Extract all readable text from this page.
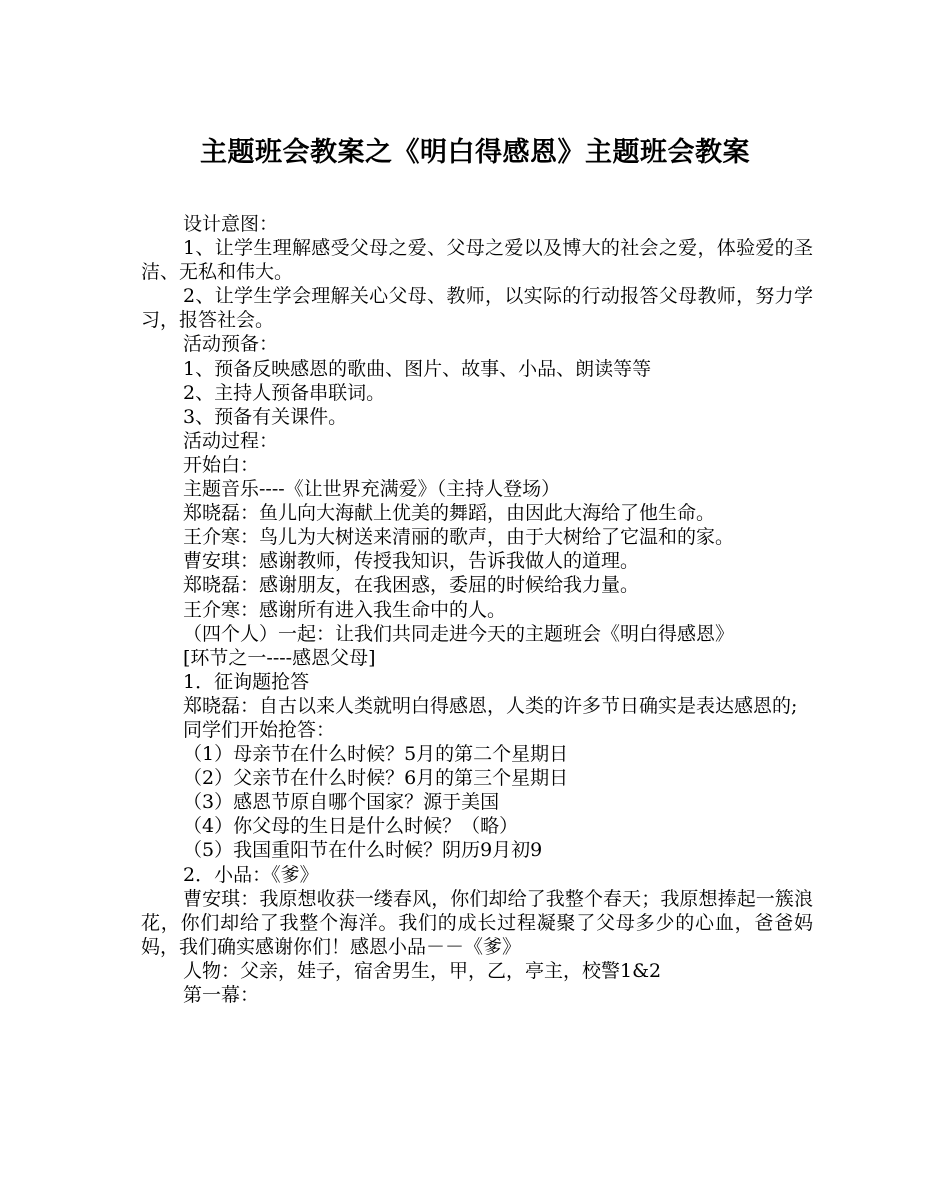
主题班会教案之《明白得感恩》主题班会教案

设计意图：

1、让学生理解感受父母之爱、父母之爱以及博大的社会之爱，体验爱的圣洁、无私和伟大。

2、让学生学会理解关心父母、教师，以实际的行动报答父母教师，努力学习，报答社会。

活动预备：

1、预备反映感恩的歌曲、图片、故事、小品、朗读等等

2、主持人预备串联词。

3、预备有关课件。

活动过程：

开始白：

主题音乐----《让世界充满爱》（主持人登场）

郑晓磊：鱼儿向大海献上优美的舞蹈，由因此大海给了他生命。

王介寒：鸟儿为大树送来清丽的歌声，由于大树给了它温和的家。

曹安琪：感谢教师，传授我知识，告诉我做人的道理。

郑晓磊：感谢朋友，在我困惑，委屈的时候给我力量。

王介寒：感谢所有进入我生命中的人。

（四个人）一起：让我们共同走进今天的主题班会《明白得感恩》

[环节之一----感恩父母]

1．征询题抢答

郑晓磊：自古以来人类就明白得感恩，人类的许多节日确实是表达感恩的;

同学们开始抢答：

（1）母亲节在什么时候？5月的第二个星期日

（2）父亲节在什么时候？6月的第三个星期日

（3）感恩节原自哪个国家？源于美国

（4）你父母的生日是什么时候？（略）

（5）我国重阳节在什么时候？阴历9月初9

2．小品：《爹》

曹安琪：我原想收获一缕春风，你们却给了我整个春天；我原想捧起一簇浪花，你们却给了我整个海洋。我们的成长过程凝聚了父母多少的心血，爸爸妈妈，我们确实感谢你们！感恩小品－－《爹》

人物：父亲，娃子，宿舍男生，甲，乙，亭主，校警1&2

第一幕：
